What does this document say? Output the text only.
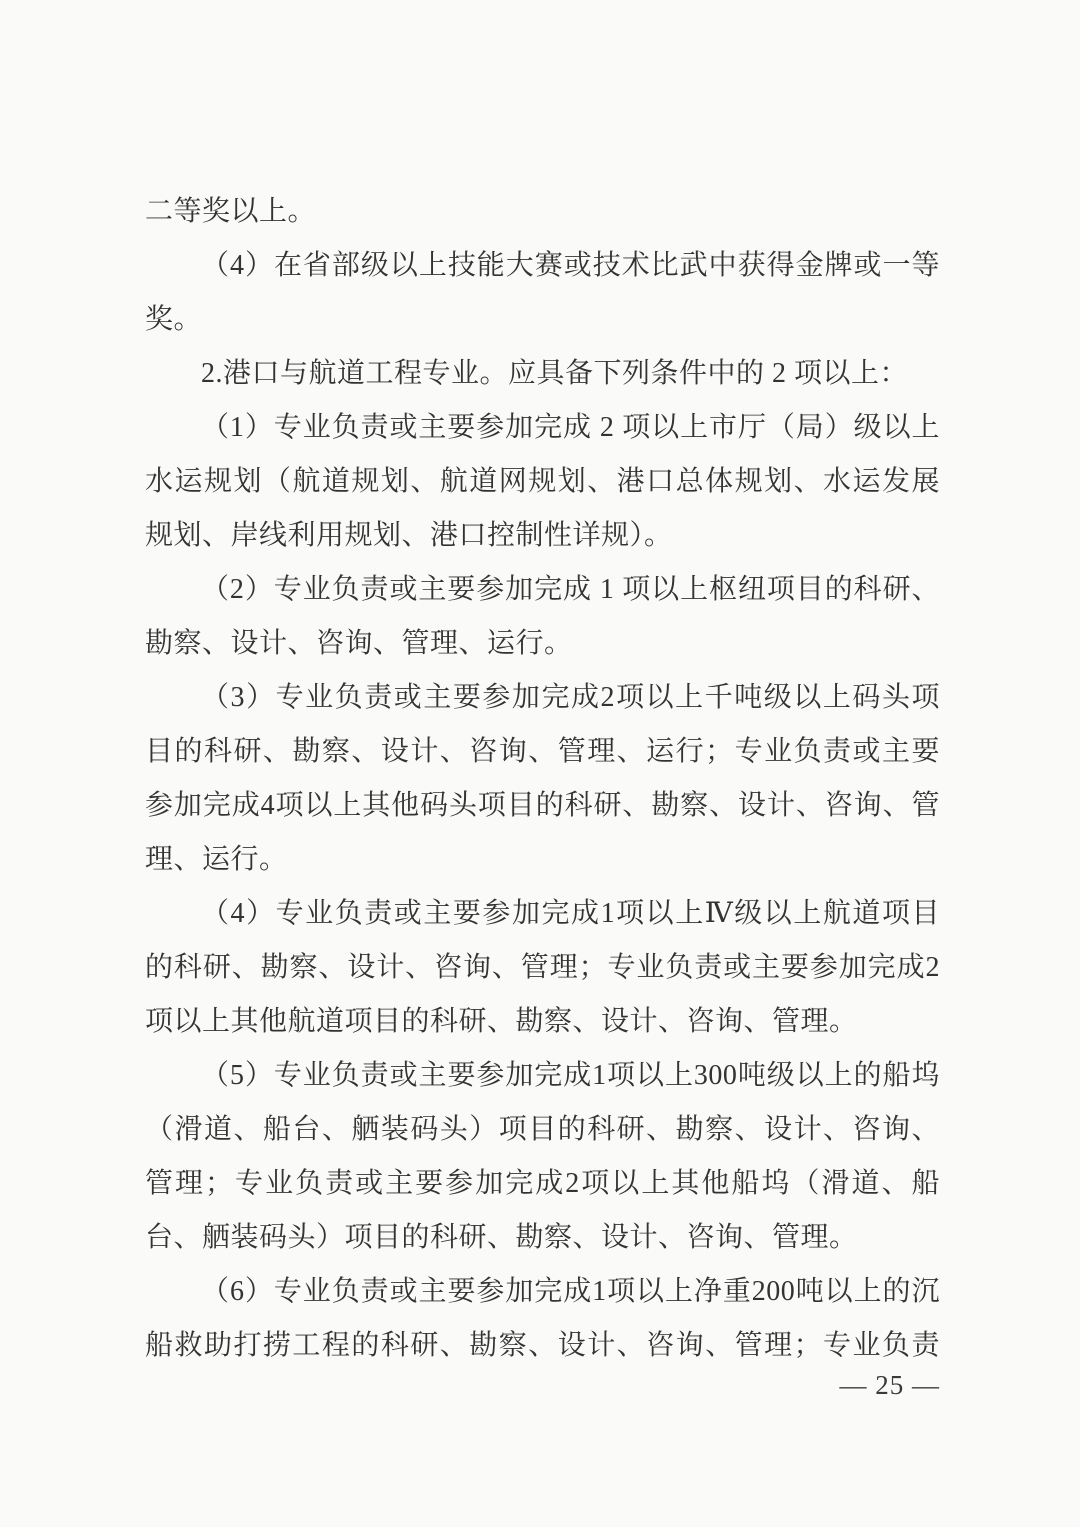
二等奖以上。
（4）在省部级以上技能大赛或技术比武中获得金牌或一等
奖。
2.港口与航道工程专业。应具备下列条件中的 2 项以上：
（1）专业负责或主要参加完成 2 项以上市厅（局）级以上
水运规划（航道规划、航道网规划、港口总体规划、水运发展
规划、岸线利用规划、港口控制性详规）。
（2）专业负责或主要参加完成 1 项以上枢纽项目的科研、
勘察、设计、咨询、管理、运行。
（3）专业负责或主要参加完成2项以上千吨级以上码头项
目的科研、勘察、设计、咨询、管理、运行；专业负责或主要
参加完成4项以上其他码头项目的科研、勘察、设计、咨询、管
理、运行。
（4）专业负责或主要参加完成1项以上Ⅳ级以上航道项目
的科研、勘察、设计、咨询、管理；专业负责或主要参加完成2
项以上其他航道项目的科研、勘察、设计、咨询、管理。
（5）专业负责或主要参加完成1项以上300吨级以上的船坞
（滑道、船台、舾装码头）项目的科研、勘察、设计、咨询、
管理；专业负责或主要参加完成2项以上其他船坞（滑道、船
台、舾装码头）项目的科研、勘察、设计、咨询、管理。
（6）专业负责或主要参加完成1项以上净重200吨以上的沉
船救助打捞工程的科研、勘察、设计、咨询、管理；专业负责
— 25 —
